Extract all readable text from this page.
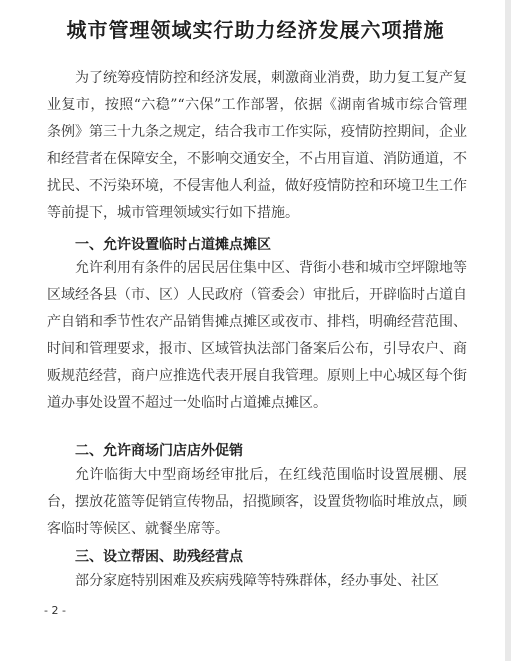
城市管理领域实行助力经济发展六项措施
为了统筹疫情防控和经济发展，刺激商业消费，助力复工复产复业复市，按照“六稳”“六保”工作部署，依据《湖南省城市综合管理条例》第三十九条之规定，结合我市工作实际，疫情防控期间，企业和经营者在保障安全，不影响交通安全，不占用盲道、消防通道，不扰民、不污染环境，不侵害他人利益，做好疫情防控和环境卫生工作等前提下，城市管理领域实行如下措施。
一、允许设置临时占道摊点摊区
允许利用有条件的居民居住集中区、背街小巷和城市空坪隙地等区域经各县（市、区）人民政府（管委会）审批后，开辟临时占道自产自销和季节性农产品销售摊点摊区或夜市、排档，明确经营范围、时间和管理要求，报市、区域管执法部门备案后公布，引导农户、商贩规范经营，商户应推选代表开展自我管理。原则上中心城区每个街道办事处设置不超过一处临时占道摊点摊区。
二、允许商场门店店外促销
允许临街大中型商场经审批后，在红线范围临时设置展棚、展台，摆放花篮等促销宣传物品，招揽顾客，设置货物临时堆放点，顾客临时等候区、就餐坐席等。
三、设立帮困、助残经营点
部分家庭特别困难及疾病残障等特殊群体，经办事处、社区
- 2 -
